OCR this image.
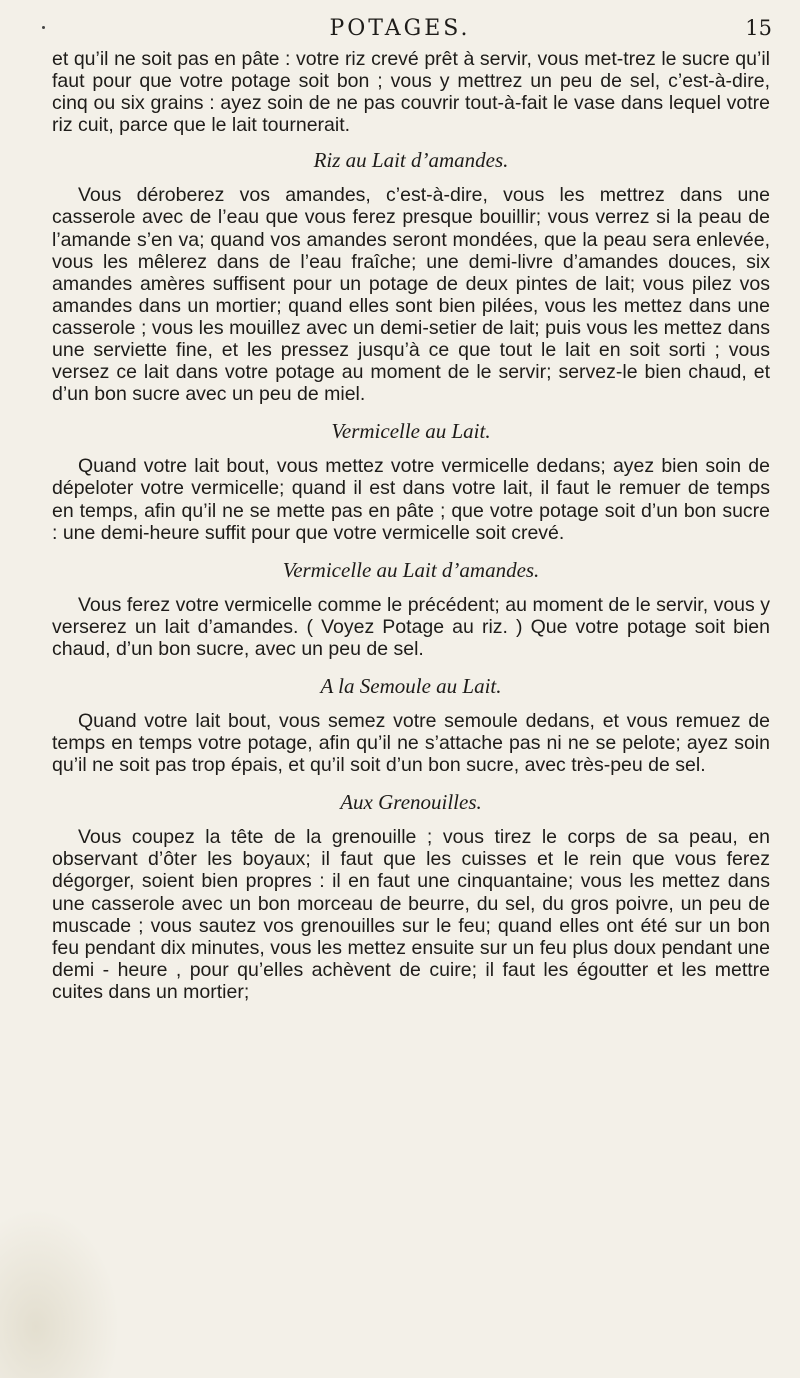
POTAGES.	15

et qu’il ne soit pas en pâte : votre riz crevé prêt à servir, vous met-trez le sucre qu’il faut pour que votre potage soit bon ; vous y mettrez un peu de sel, c’est-à-dire, cinq ou six grains : ayez soin de ne pas couvrir tout-à-fait le vase dans lequel votre riz cuit, parce que le lait tournerait.

Riz au Lait d’amandes.

Vous déroberez vos amandes, c’est-à-dire, vous les mettrez dans une casserole avec de l’eau que vous ferez presque bouillir; vous verrez si la peau de l’amande s’en va; quand vos amandes seront mondées, que la peau sera enlevée, vous les mêlerez dans de l’eau fraîche; une demi-livre d’amandes douces, six amandes amères suffisent pour un potage de deux pintes de lait; vous pilez vos amandes dans un mortier; quand elles sont bien pilées, vous les mettez dans une casserole ; vous les mouillez avec un demi-setier de lait; puis vous les mettez dans une serviette fine, et les pressez jusqu’à ce que tout le lait en soit sorti ; vous versez ce lait dans votre potage au moment de le servir; servez-le bien chaud, et d’un bon sucre avec un peu de miel.

Vermicelle au Lait.

Quand votre lait bout, vous mettez votre vermicelle dedans; ayez bien soin de dépeloter votre vermicelle; quand il est dans votre lait, il faut le remuer de temps en temps, afin qu’il ne se mette pas en pâte ; que votre potage soit d’un bon sucre : une demi-heure suffit pour que votre vermicelle soit crevé.

Vermicelle au Lait d’amandes.

Vous ferez votre vermicelle comme le précédent; au moment de le servir, vous y verserez un lait d’amandes. ( Voyez Potage au riz. ) Que votre potage soit bien chaud, d’un bon sucre, avec un peu de sel.

A la Semoule au Lait.

Quand votre lait bout, vous semez votre semoule dedans, et vous remuez de temps en temps votre potage, afin qu’il ne s’attache pas ni ne se pelote; ayez soin qu’il ne soit pas trop épais, et qu’il soit d’un bon sucre, avec très-peu de sel.

Aux Grenouilles.

Vous coupez la tête de la grenouille ; vous tirez le corps de sa peau, en observant d’ôter les boyaux; il faut que les cuisses et le rein que vous ferez dégorger, soient bien propres : il en faut une cinquantaine; vous les mettez dans une casserole avec un bon morceau de beurre, du sel, du gros poivre, un peu de muscade ; vous sautez vos grenouilles sur le feu; quand elles ont été sur un bon feu pendant dix minutes, vous les mettez ensuite sur un feu plus doux pendant une demi - heure , pour qu’elles achèvent de cuire; il faut les égoutter et les mettre cuites dans un mortier;
